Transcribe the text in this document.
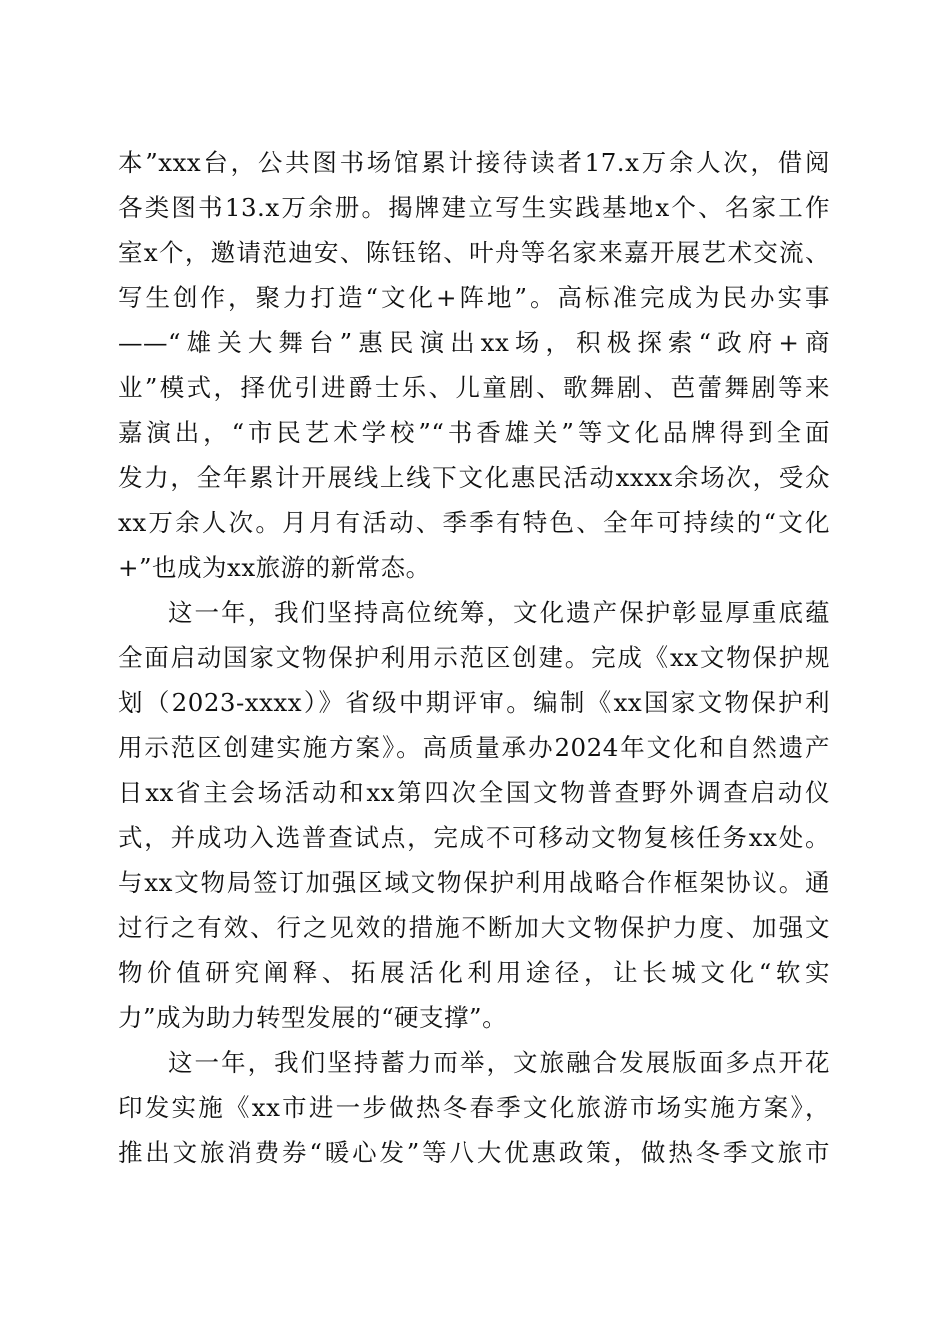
本”xxx台，公共图书场馆累计接待读者17.x万余人次，借阅
各类图书13.x万余册。揭牌建立写生实践基地x个、名家工作
室x个，邀请范迪安、陈钰铭、叶舟等名家来嘉开展艺术交流、
写生创作，聚力打造“文化+阵地”。高标准完成为民办实事
——“雄关大舞台”惠民演出xx场，积极探索“政府+商
业”模式，择优引进爵士乐、儿童剧、歌舞剧、芭蕾舞剧等来
嘉演出，“市民艺术学校”“书香雄关”等文化品牌得到全面
发力，全年累计开展线上线下文化惠民活动xxxx余场次，受众
xx万余人次。月月有活动、季季有特色、全年可持续的“文化
+”也成为xx旅游的新常态。
这一年，我们坚持高位统筹，文化遗产保护彰显厚重底蕴
全面启动国家文物保护利用示范区创建。完成《xx文物保护规
划（2023-xxxx）》省级中期评审。编制《xx国家文物保护利
用示范区创建实施方案》。高质量承办2024年文化和自然遗产
日xx省主会场活动和xx第四次全国文物普查野外调查启动仪
式，并成功入选普查试点，完成不可移动文物复核任务xx处。
与xx文物局签订加强区域文物保护利用战略合作框架协议。通
过行之有效、行之见效的措施不断加大文物保护力度、加强文
物价值研究阐释、拓展活化利用途径，让长城文化“软实
力”成为助力转型发展的“硬支撑”。
这一年，我们坚持蓄力而举，文旅融合发展版面多点开花
印发实施《xx市进一步做热冬春季文化旅游市场实施方案》，
推出文旅消费券“暖心发”等八大优惠政策，做热冬季文旅市
